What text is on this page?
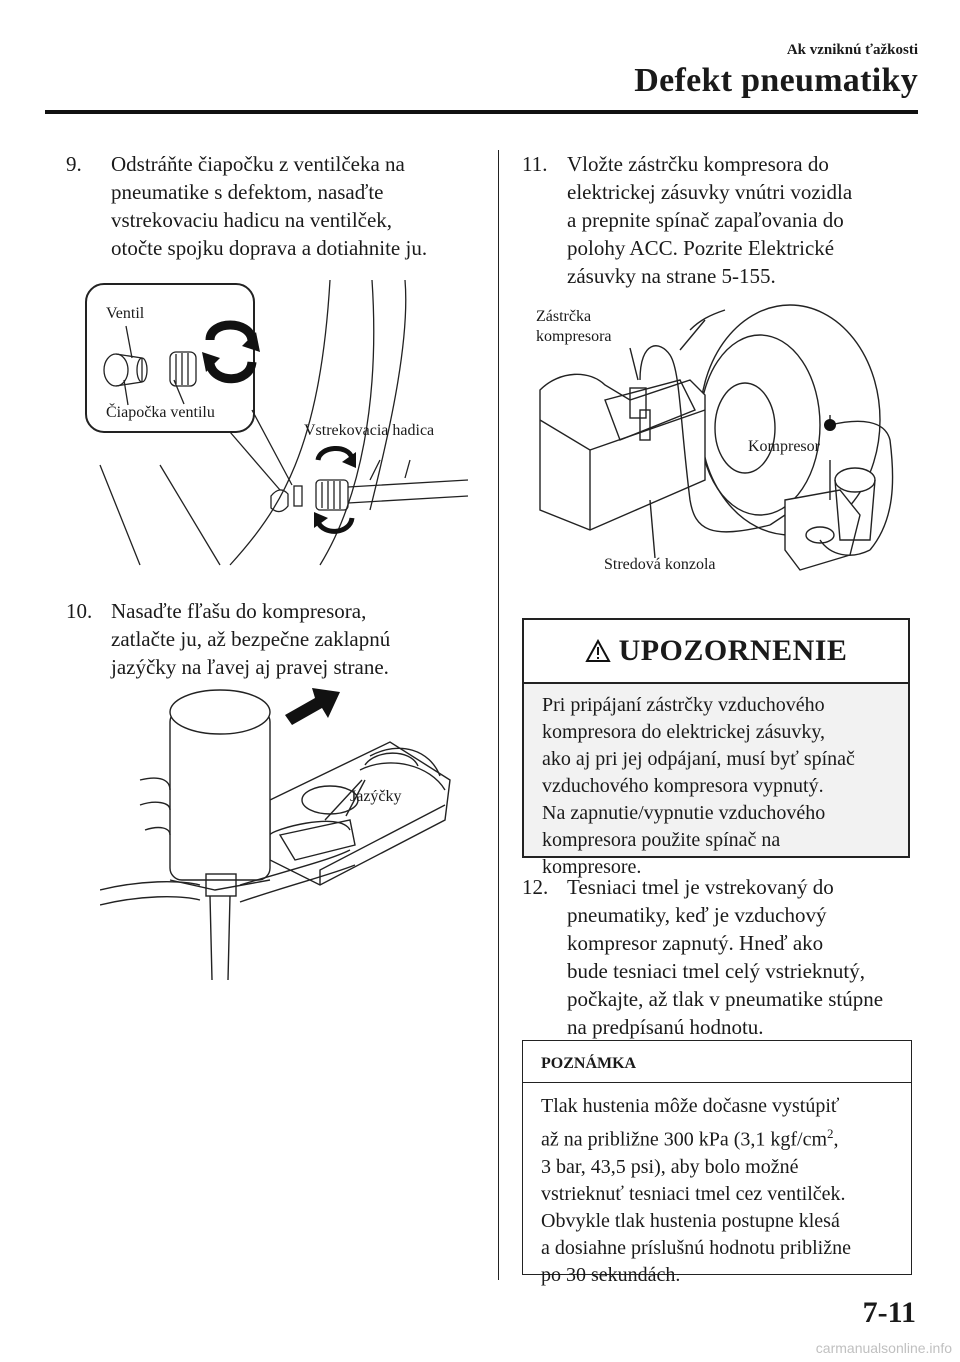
Ak vzniknú ťažkosti
Defekt pneumatiky
9. Odstráňte čiapočku z ventilčeka na
pneumatike s defektom, nasaďte
vstrekovaciu hadicu na ventilček,
otočte spojku doprava a dotiahnite ju.
Ventil
Čiapočka ventilu
Vstrekovacia hadica
10. Nasaďte fľašu do kompresora,
zatlačte ju, až bezpečne zaklapnú
jazýčky na ľavej aj pravej strane.
Jazýčky
11. Vložte zástrčku kompresora do
elektrickej zásuvky vnútri vozidla
a prepnite spínač zapaľovania do
polohy ACC. Pozrite Elektrické
zásuvky na strane 5-155.
Zástrčka
kompresora
Kompresor
Stredová konzola
UPOZORNENIE
Pri pripájaní zástrčky vzduchového
kompresora do elektrickej zásuvky,
ako aj pri jej odpájaní, musí byť spínač
vzduchového kompresora vypnutý.
Na zapnutie/vypnutie vzduchového
kompresora použite spínač na
kompresore.
12. Tesniaci tmel je vstrekovaný do
pneumatiky, keď je vzduchový
kompresor zapnutý. Hneď ako
bude tesniaci tmel celý vstrieknutý,
počkajte, až tlak v pneumatike stúpne
na predpísanú hodnotu.
POZNÁMKA
Tlak hustenia môže dočasne vystúpiť
až na približne 300 kPa (3,1 kgf/$cm^2$,
3 bar, 43,5 psi), aby bolo možné
vstrieknuť tesniaci tmel cez ventilček.
Obvykle tlak hustenia postupne klesá
a dosiahne príslušnú hodnotu približne
po 30 sekundách.
7-11
carmanualsonline.info
